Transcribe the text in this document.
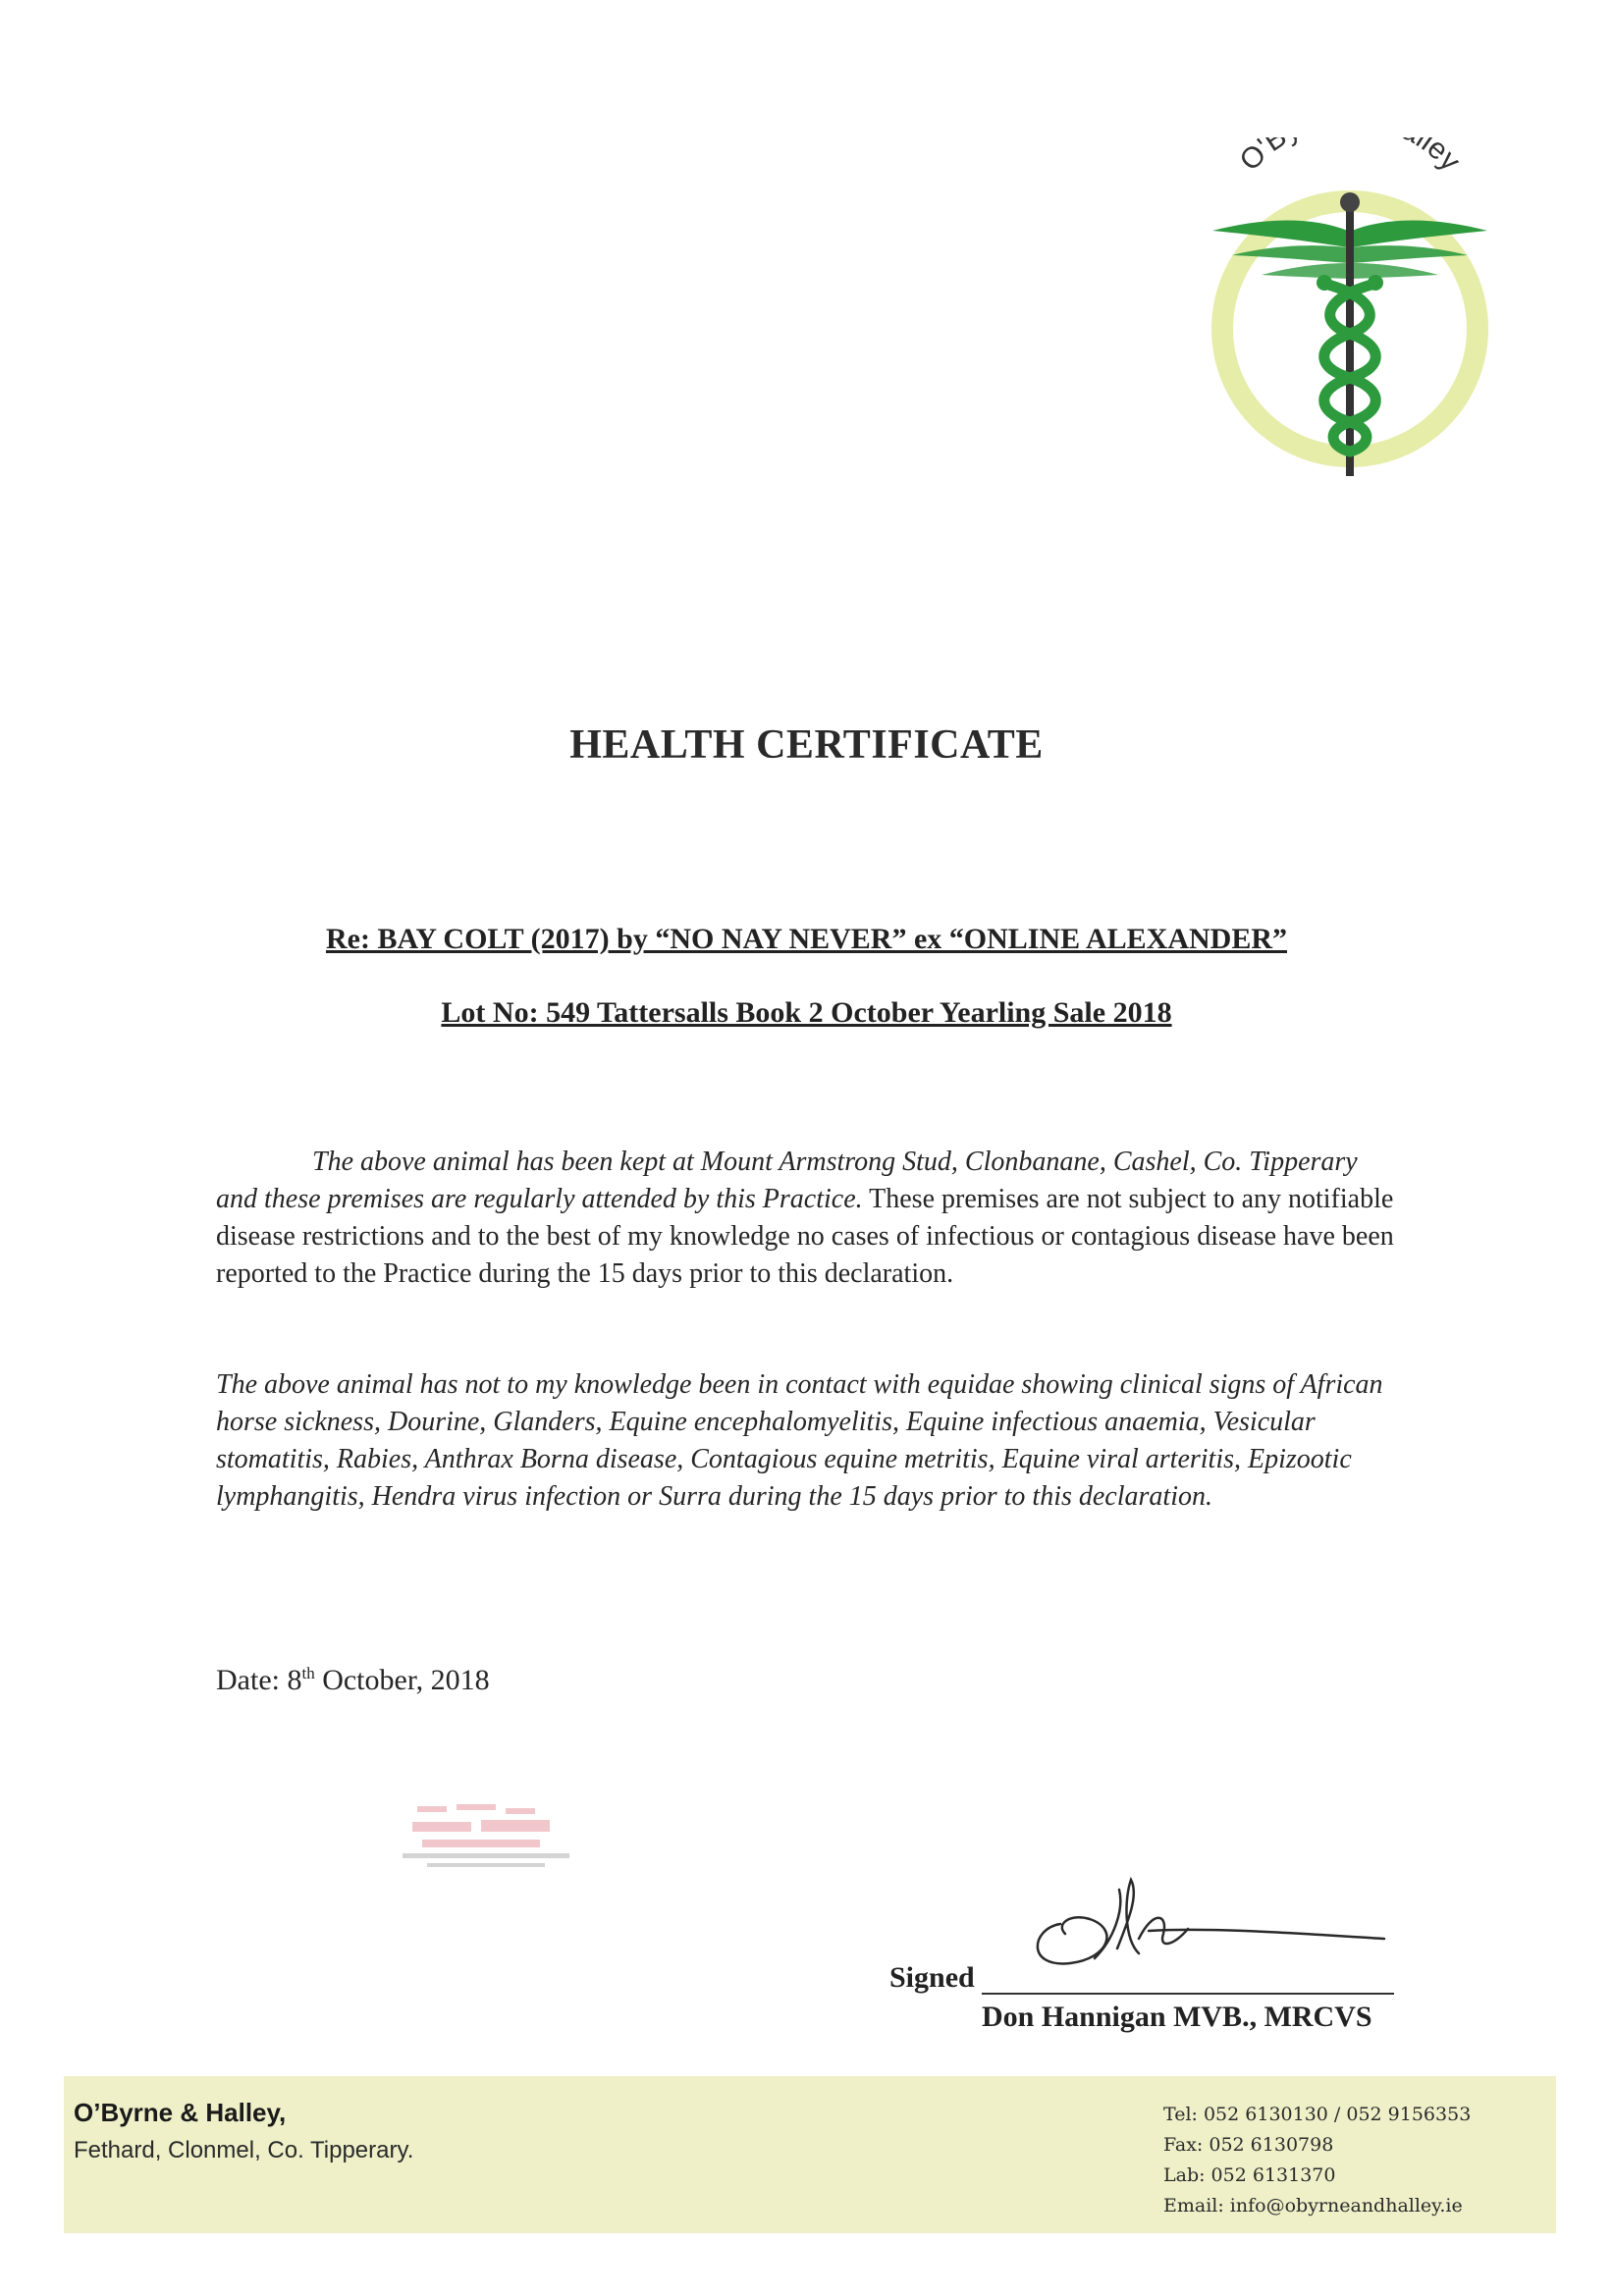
O'B lley
HEALTH CERTIFICATE
Re: BAY COLT (2017) by “NO NAY NEVER” ex “ONLINE ALEXANDER”
Lot No: 549 Tattersalls Book 2 October Yearling Sale 2018
The above animal has been kept at Mount Armstrong Stud, Clonbanane, Cashel, Co. Tipperary and these premises are regularly attended by this Practice. These premises are not subject to any notifiable disease restrictions and to the best of my knowledge no cases of infectious or contagious disease have been reported to the Practice during the 15 days prior to this declaration.
The above animal has not to my knowledge been in contact with equidae showing clinical signs of African horse sickness, Dourine, Glanders, Equine encephalomyelitis, Equine infectious anaemia, Vesicular stomatitis, Rabies, Anthrax Borna disease, Contagious equine metritis, Equine viral arteritis, Epizootic lymphangitis, Hendra virus infection or Surra during the 15 days prior to this declaration.
Date: 8th October, 2018
Signed
Don Hannigan MVB., MRCVS
O’Byrne & Halley,
Fethard, Clonmel, Co. Tipperary.
Tel: 052 6130130 / 052 9156353
Fax: 052 6130798
Lab: 052 6131370
Email: info@obyrneandhalley.ie
